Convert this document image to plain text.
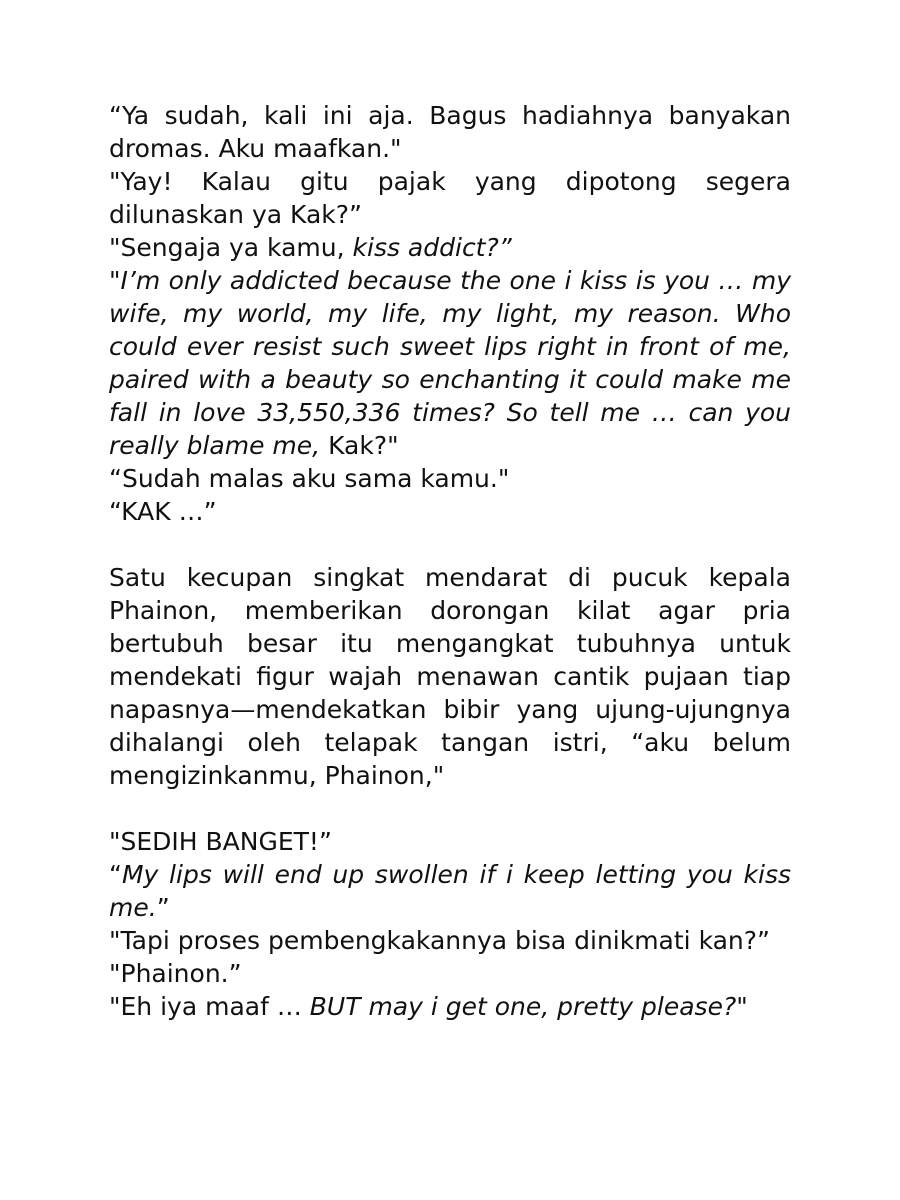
“Ya sudah, kali ini aja. Bagus hadiahnya banyakan dromas. Aku maafkan."

"Yay! Kalau gitu pajak yang dipotong segera dilunaskan ya Kak?”

"Sengaja ya kamu, kiss addict?”

"I’m only addicted because the one i kiss is you … my wife, my world, my life, my light, my reason. Who could ever resist such sweet lips right in front of me, paired with a beauty so enchanting it could make me fall in love 33,550,336 times? So tell me … can you really blame me, Kak?"

“Sudah malas aku sama kamu."

“KAK …”

Satu kecupan singkat mendarat di pucuk kepala Phainon, memberikan dorongan kilat agar pria bertubuh besar itu mengangkat tubuhnya untuk mendekati figur wajah menawan cantik pujaan tiap napasnya—mendekatkan bibir yang ujung-ujungnya dihalangi oleh telapak tangan istri, “aku belum mengizinkanmu, Phainon,"

"SEDIH BANGET!”

“My lips will end up swollen if i keep letting you kiss me.”

"Tapi proses pembengkakannya bisa dinikmati kan?”

"Phainon.”

"Eh iya maaf … BUT may i get one, pretty please?"
